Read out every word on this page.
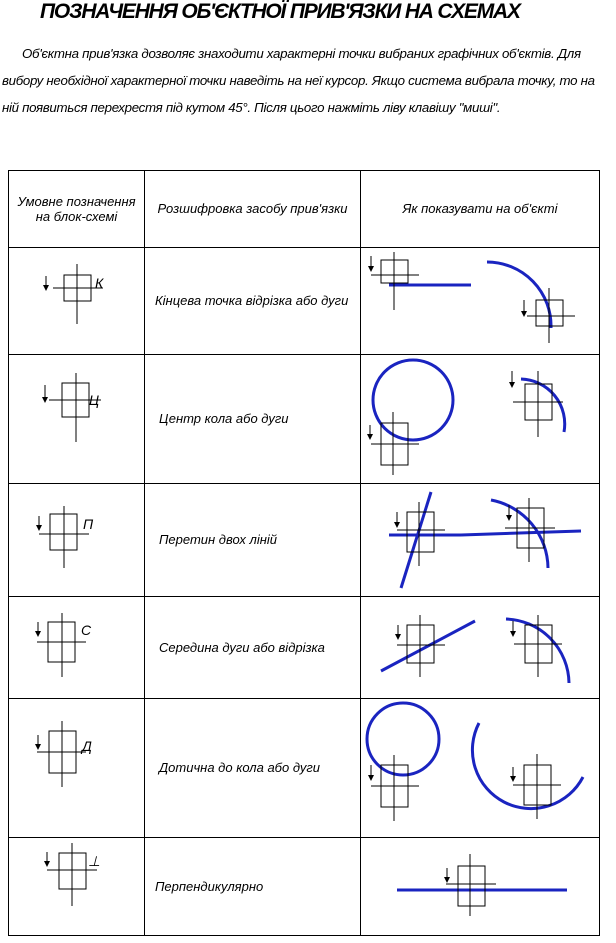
ПОЗНАЧЕННЯ ОБ'ЄКТНОЇ ПРИВ'ЯЗКИ НА СХЕМАХ

Об'єктна прив'язка дозволяє знаходити характерні точки вибраних графічних об'єктів. Для вибору необхідної характерної точки наведіть на неї курсор. Якщо система вибрала точку, то на ній появиться перехрестя під кутом 45°. Після цього нажміть ліву клавішу "миші".

Умовне позначення на блок-схемі	Розшифровка засобу прив'язки	Як показувати на об'єкті

К	Кінцева точка відрізка або дуги	

Ц	Центр кола або дуги	

П	Перетин двох ліній	

С	Середина дуги або відрізка	

Д	Дотична до кола або дуги	

⊥	Перпендикулярно	
